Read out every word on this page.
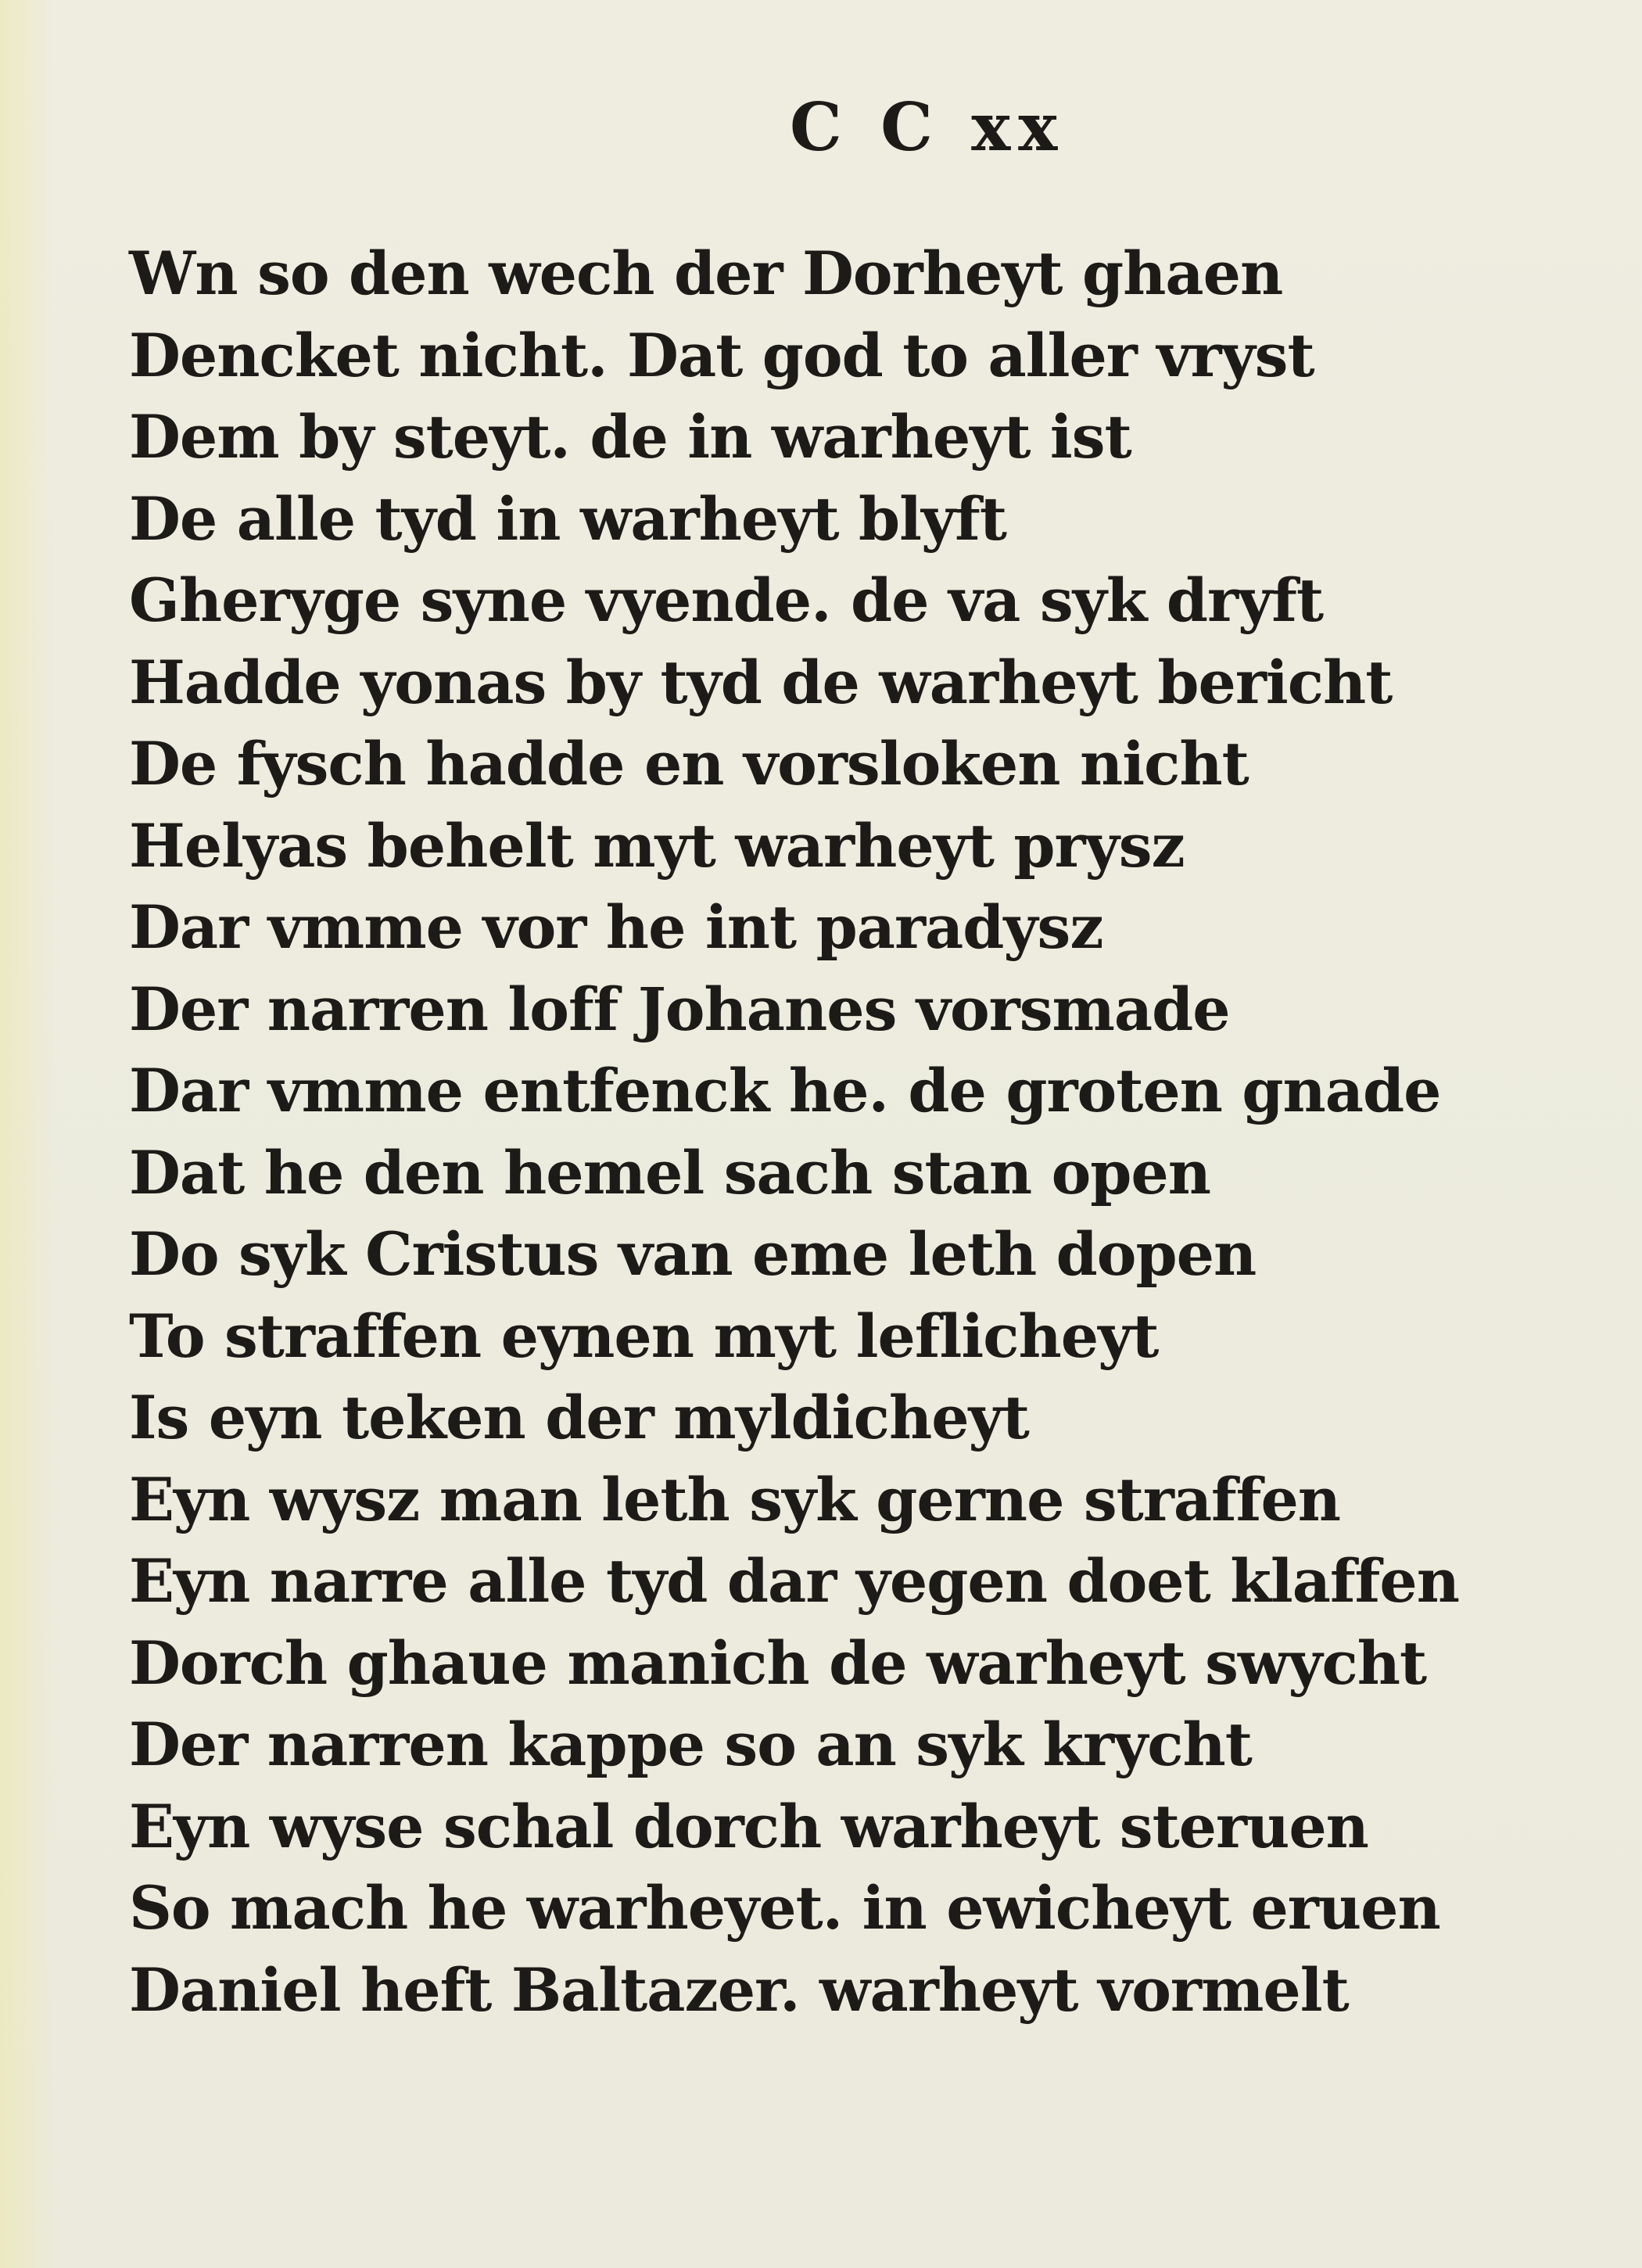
C C xx

Wn so den wech der Dorheyt ghaen
Dencket nicht. Dat god to aller vryst
Dem by steyt. de in warheyt ist
De alle tyd in warheyt blyft
Gheryge syne vyende. de va syk dryft
Hadde yonas by tyd de warheyt bericht
De fysch hadde en vorsloken nicht
Helyas behelt myt warheyt prysz
Dar vmme vor he int paradysz
Der narren loff Johanes vorsmade
Dar vmme entfenck he. de groten gnade
Dat he den hemel sach stan open
Do syk Cristus van eme leth dopen
To straffen eynen myt leflicheyt
Is eyn teken der myldicheyt
Eyn wysz man leth syk gerne straffen
Eyn narre alle tyd dar yegen doet klaffen
Dorch ghaue manich de warheyt swycht
Der narren kappe so an syk krycht
Eyn wyse schal dorch warheyt steruen
So mach he warheyet. in ewicheyt eruen
Daniel heft Baltazer. warheyt vormelt
